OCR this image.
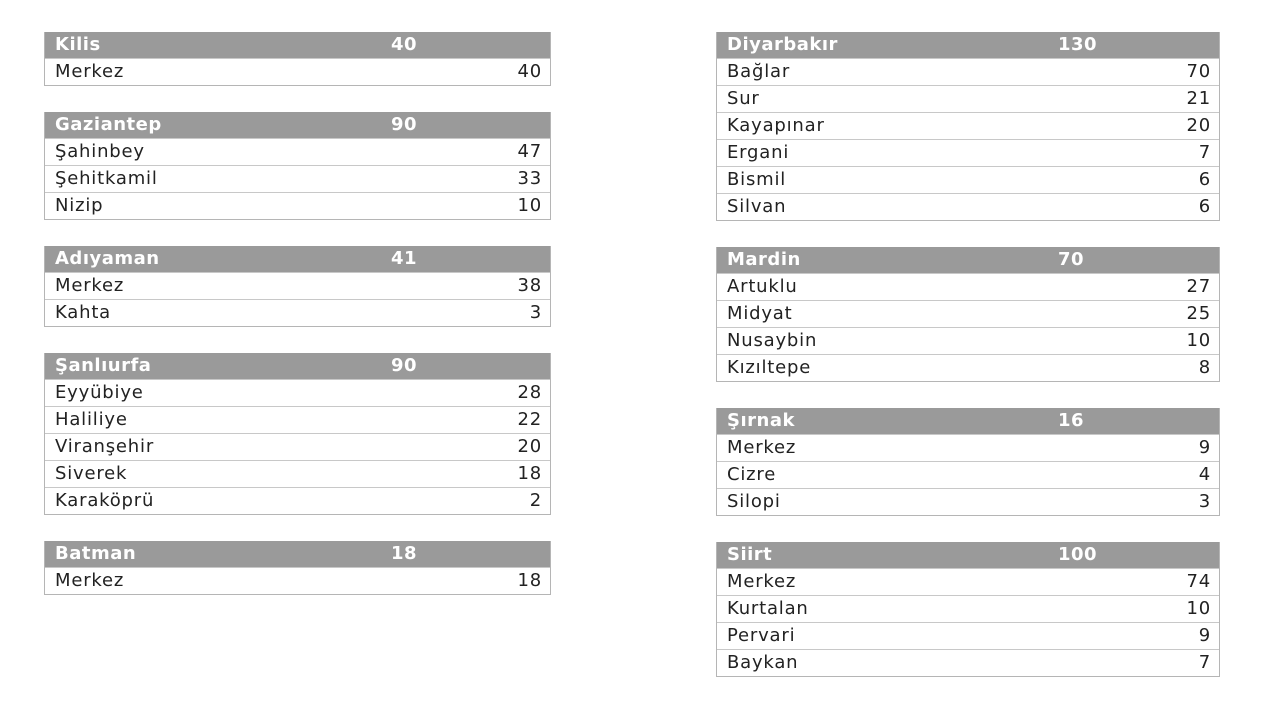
Kilis	40
Merkez	40
Gaziantep	90
Şahinbey	47
Şehitkamil	33
Nizip	10
Adıyaman	41
Merkez	38
Kahta	3
Şanlıurfa	90
Eyyübiye	28
Haliliye	22
Viranşehir	20
Siverek	18
Karaköprü	2
Batman	18
Merkez	18
Diyarbakır	130
Bağlar	70
Sur	21
Kayapınar	20
Ergani	7
Bismil	6
Silvan	6
Mardin	70
Artuklu	27
Midyat	25
Nusaybin	10
Kızıltepe	8
Şırnak	16
Merkez	9
Cizre	4
Silopi	3
Siirt	100
Merkez	74
Kurtalan	10
Pervari	9
Baykan	7
